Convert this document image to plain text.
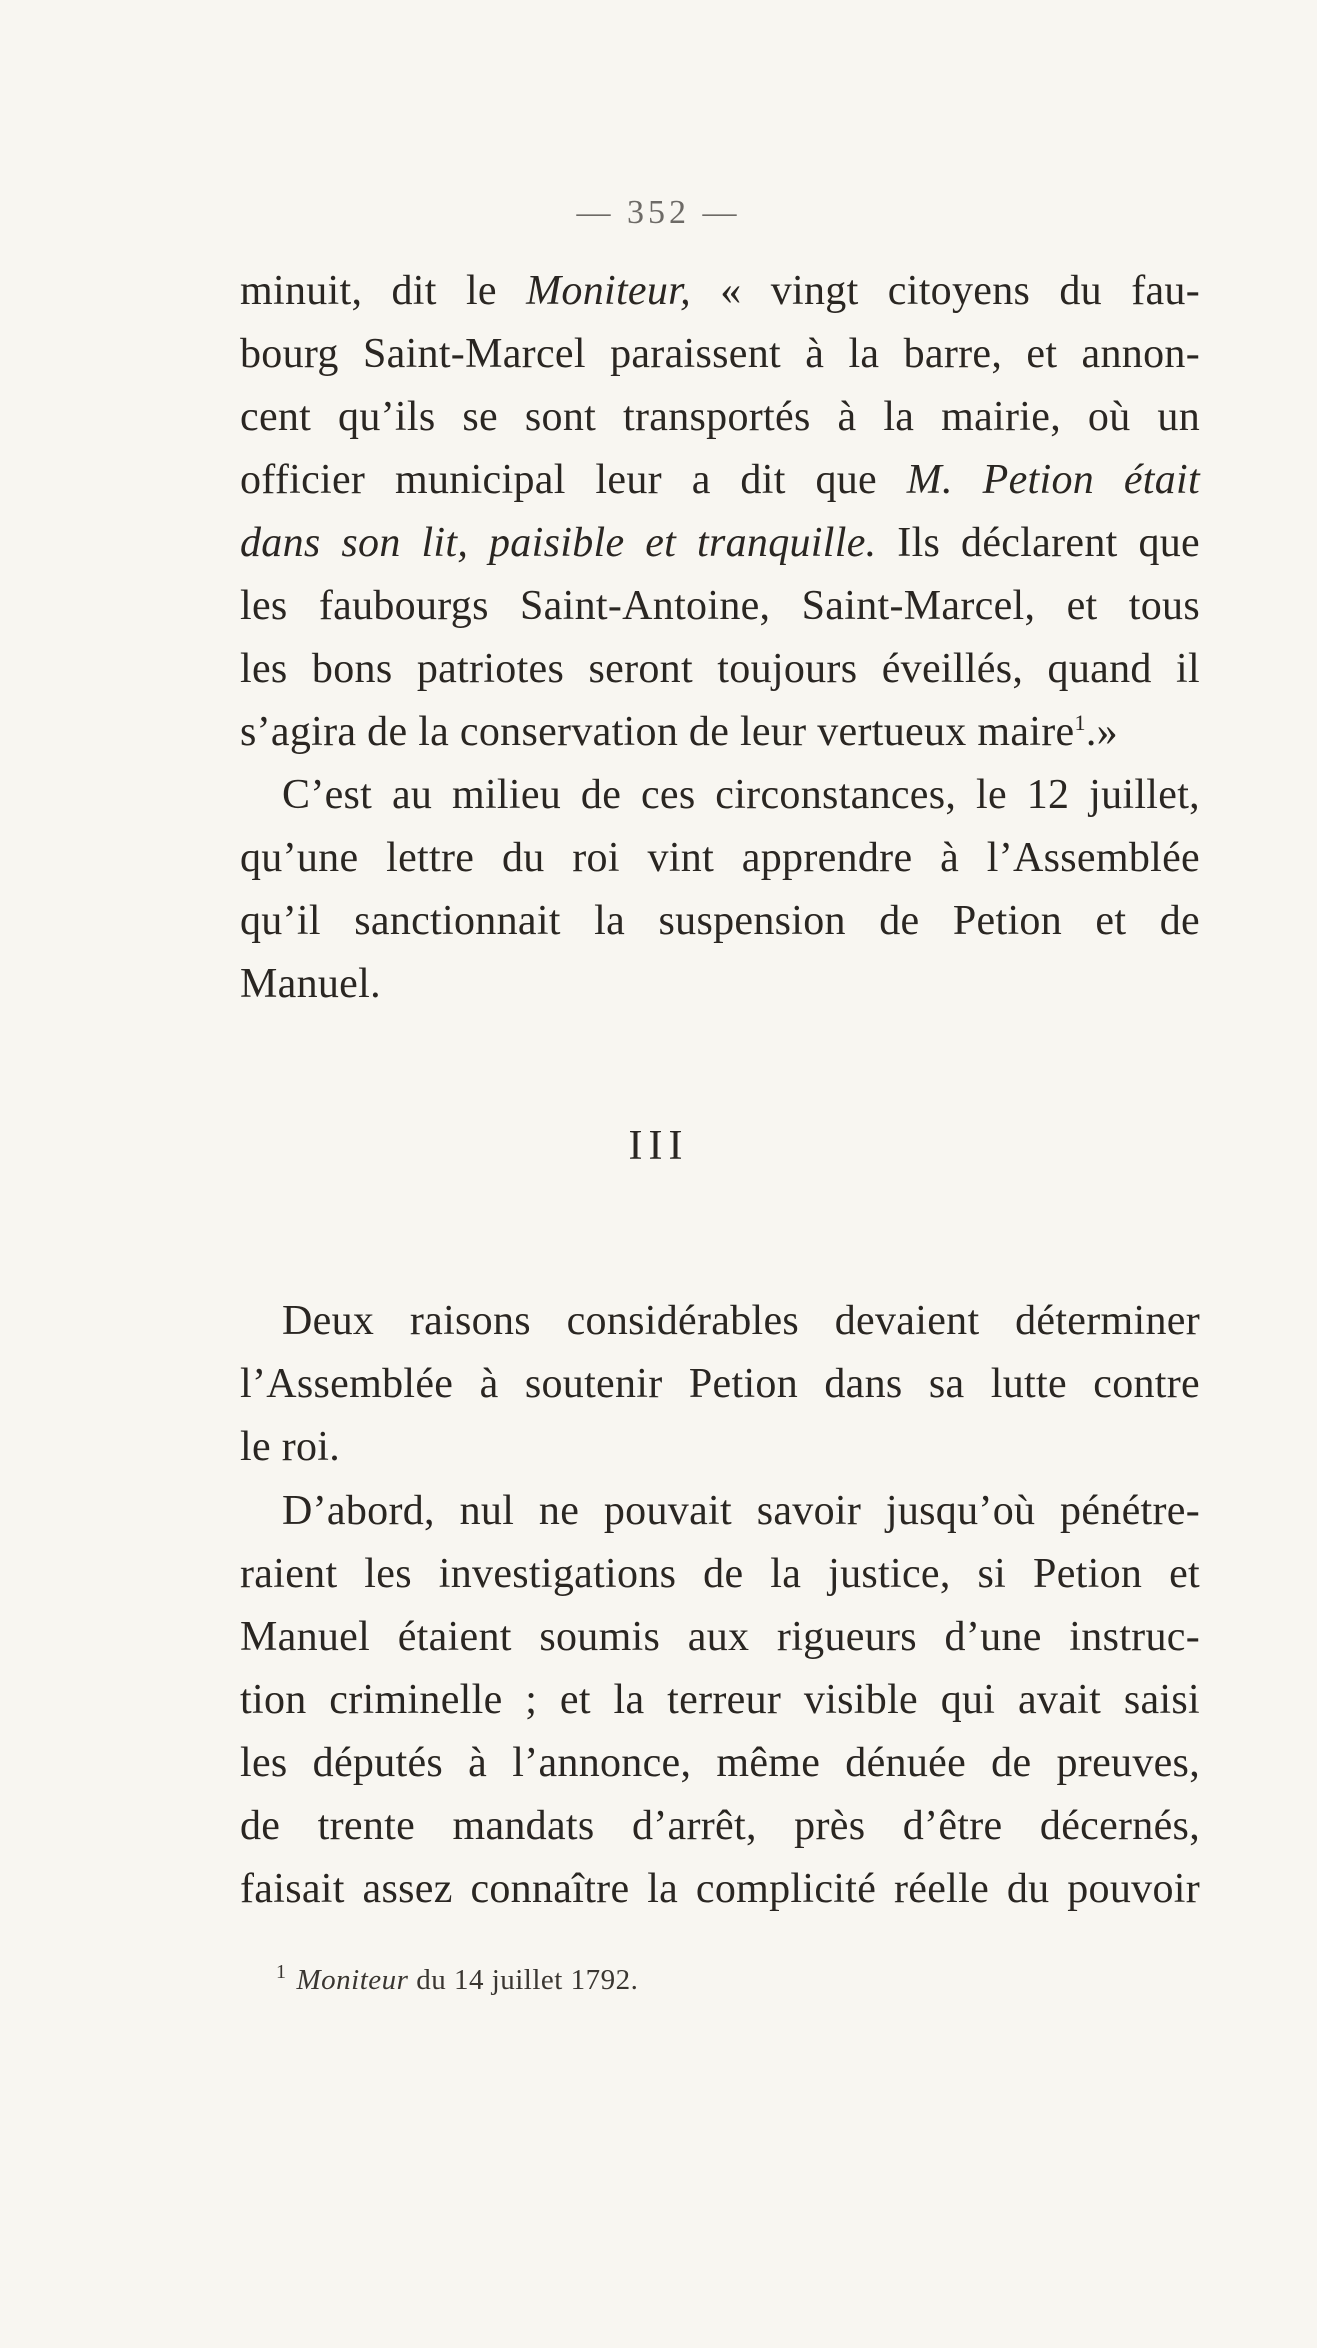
— 352 —
minuit, dit le Moniteur, « vingt citoyens du fau-
bourg Saint-Marcel paraissent à la barre, et annon-
cent qu’ils se sont transportés à la mairie, où un
officier municipal leur a dit que M. Petion était
dans son lit, paisible et tranquille. Ils déclarent que
les faubourgs Saint-Antoine, Saint-Marcel, et tous
les bons patriotes seront toujours éveillés, quand il
s’agira de la conservation de leur vertueux maire$^1$.»
C’est au milieu de ces circonstances, le 12 juillet,
qu’une lettre du roi vint apprendre à l’Assemblée
qu’il sanctionnait la suspension de Petion et de
Manuel.
III
Deux raisons considérables devaient déterminer
l’Assemblée à soutenir Petion dans sa lutte contre
le roi.
D’abord, nul ne pouvait savoir jusqu’où pénétre-
raient les investigations de la justice, si Petion et
Manuel étaient soumis aux rigueurs d’une instruc-
tion criminelle ; et la terreur visible qui avait saisi
les députés à l’annonce, même dénuée de preuves,
de trente mandats d’arrêt, près d’être décernés,
faisait assez connaître la complicité réelle du pouvoir
$^1$ Moniteur du 14 juillet 1792.
